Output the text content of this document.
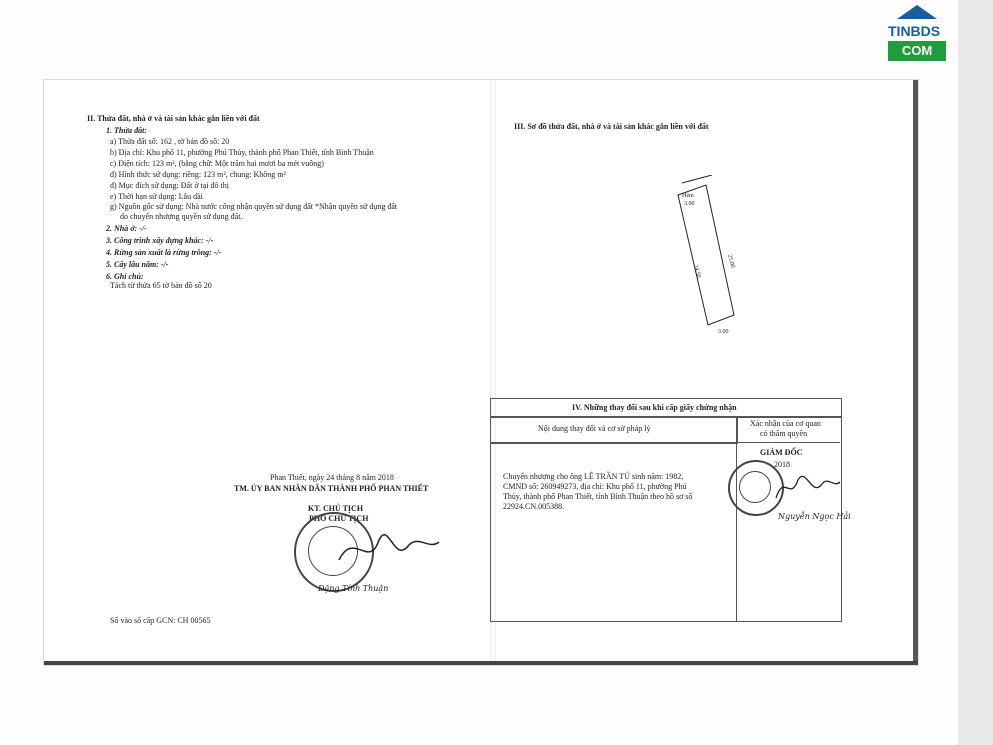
TINBDS
COM
II. Thửa đất, nhà ở và tài sản khác gắn liền với đất
1. Thửa đất:
a) Thửa đất số: 162 , tờ bản đồ số: 20
b) Địa chỉ: Khu phố 11, phường Phú Thủy, thành phố Phan Thiết, tỉnh Bình Thuận
c) Diện tích: 123 m², (bằng chữ: Một trăm hai mươi ba mét vuông)
d) Hình thức sử dụng: riêng: 123 m², chung: Không m²
đ) Mục đích sử dụng: Đất ở tại đô thị
e) Thời hạn sử dụng: Lâu dài
g) Nguồn gốc sử dụng: Nhà nước công nhận quyền sử dụng đất *Nhận quyền sử dụng đất
do chuyển nhượng quyền sử dụng đất.
2. Nhà ở: -/-
3. Công trình xây dựng khác: -/-
4. Rừng sản xuất là rừng trồng: -/-
5. Cây lâu năm: -/-
6. Ghi chú:
Tách từ thửa 65 tờ bản đồ số 20
Phan Thiết, ngày 24 tháng 8 năm 2018
TM. ỦY BAN NHÂN DÂN THÀNH PHỐ PHAN THIẾT
KT. CHỦ TỊCH
PHÓ CHỦ TỊCH
Đặng Tính Thuận
Số vào sổ cấp GCN: CH 00565
III. Sơ đồ thửa đất, nhà ở và tài sản khác gắn liền với đất
Hẻm
3.00
25.00
24.50
3.00
IV. Những thay đổi sau khi cấp giấy chứng nhận
Nội dung thay đổi và cơ sở pháp lý
Xác nhận của cơ quan
có thẩm quyền
Chuyển nhượng cho ông LÊ TRẦN TÚ sinh năm: 1982,
CMND số: 260949273, địa chỉ: Khu phố 11, phường Phú
Thủy, thành phố Phan Thiết, tỉnh Bình Thuận theo hồ sơ số
22924.CN.005388.
GIÁM ĐỐC
2018
Nguyễn Ngọc Hải
